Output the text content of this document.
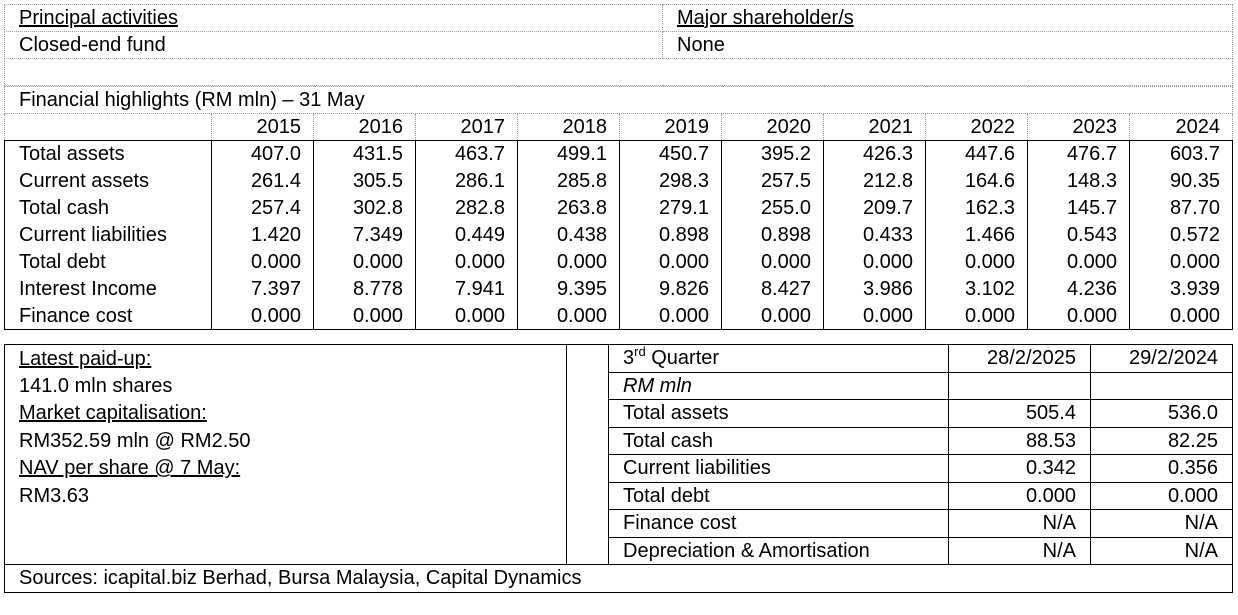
Principal activities	Major shareholder/s
Closed-end fund	None

Financial highlights (RM mln) – 31 May										
	2015	2016	2017	2018	2019	2020	2021	2022	2023	2024
Total assets	407.0	431.5	463.7	499.1	450.7	395.2	426.3	447.6	476.7	603.7
Current assets	261.4	305.5	286.1	285.8	298.3	257.5	212.8	164.6	148.3	90.35
Total cash	257.4	302.8	282.8	263.8	279.1	255.0	209.7	162.3	145.7	87.70
Current liabilities	1.420	7.349	0.449	0.438	0.898	0.898	0.433	1.466	0.543	0.572
Total debt	0.000	0.000	0.000	0.000	0.000	0.000	0.000	0.000	0.000	0.000
Interest Income	7.397	8.778	7.941	9.395	9.826	8.427	3.986	3.102	4.236	3.939
Finance cost	0.000	0.000	0.000	0.000	0.000	0.000	0.000	0.000	0.000	0.000
Latest paid-up:		3rd Quarter	28/2/2025	29/2/2024
141.0 mln shares		RM mln		
Market capitalisation:		Total assets	505.4	536.0
RM352.59 mln @ RM2.50		Total cash	88.53	82.25
NAV per share @ 7 May:		Current liabilities	0.342	0.356
RM3.63		Total debt	0.000	0.000
		Finance cost	N/A	N/A
		Depreciation & Amortisation	N/A	N/A
Sources: icapital.biz Berhad, Bursa Malaysia, Capital Dynamics				
